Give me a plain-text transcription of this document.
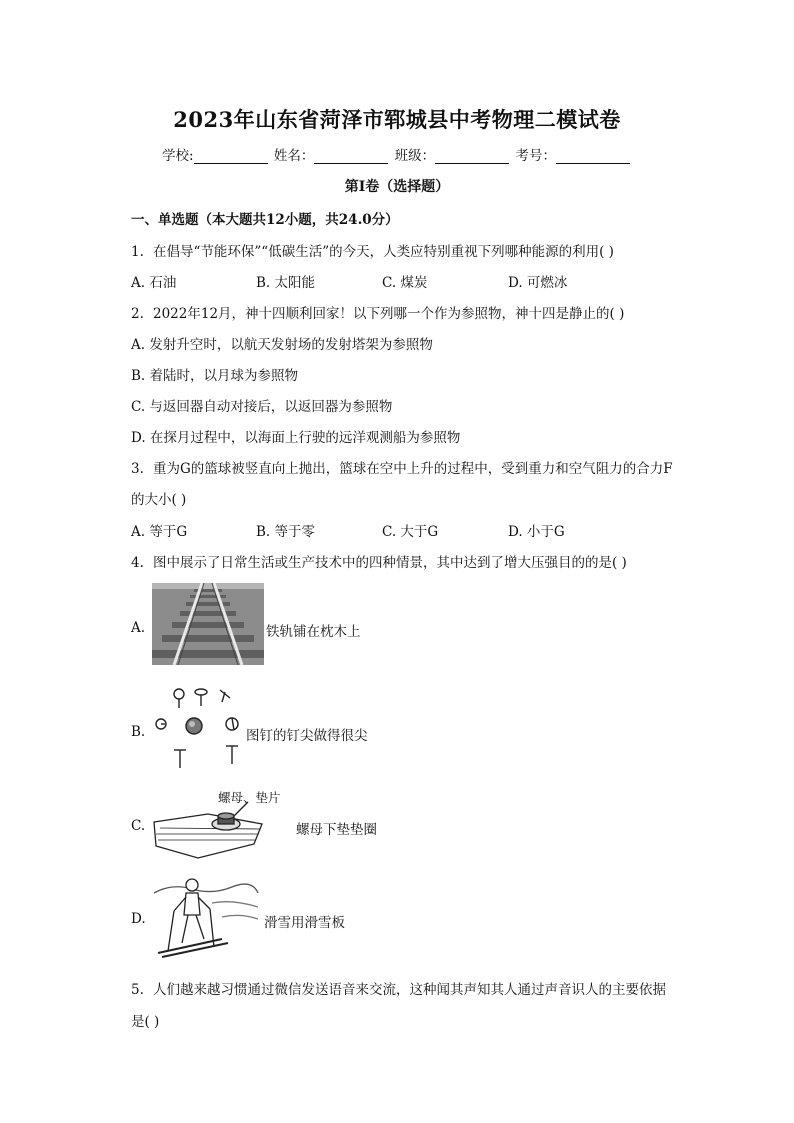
2023年山东省菏泽市郓城县中考物理二模试卷
学校:	姓名：	班级：	考号：
第I卷（选择题）
一、单选题（本大题共12小题，共24.0分）
1. 在倡导“节能环保”“低碳生活”的今天，人类应特别重视下列哪种能源的利用( )
A. 石油	B. 太阳能	C. 煤炭	D. 可燃冰
2. 2022年12月，神十四顺利回家！以下列哪一个作为参照物，神十四是静止的( )
A. 发射升空时，以航天发射场的发射塔架为参照物
B. 着陆时，以月球为参照物
C. 与返回器自动对接后，以返回器为参照物
D. 在探月过程中，以海面上行驶的远洋观测船为参照物
3. 重为G的篮球被竖直向上抛出，篮球在空中上升的过程中，受到重力和空气阻力的合力F
的大小( )
A. 等于G	B. 等于零	C. 大于G	D. 小于G
4. 图中展示了日常生活或生产技术中的四种情景，其中达到了增大压强目的的是( )
A.	铁轨铺在枕木上
B.	图钉的钉尖做得很尖
螺母、垫片
C.	螺母下垫垫圈
D.	滑雪用滑雪板
5. 人们越来越习惯通过微信发送语音来交流，这种闻其声知其人通过声音识人的主要依据
是( )
